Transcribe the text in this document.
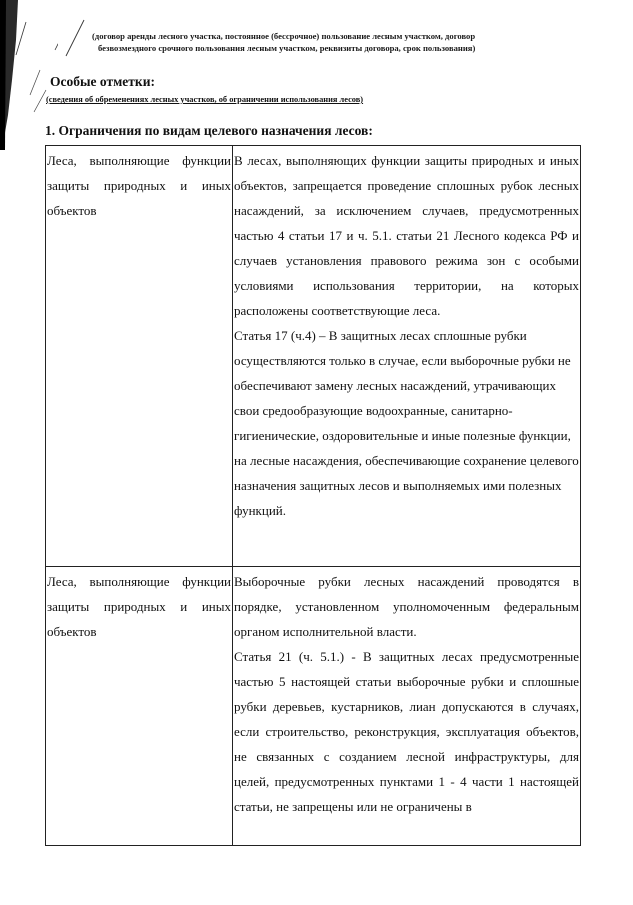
(договор аренды лесного участка, постоянное (бессрочное) пользование лесным участком, договор
безвозмездного срочного пользования лесным участком, реквизиты договора, срок пользования)
Особые отметки:
(сведения об обременениях лесных участков, об ограничении использования лесов)
1. Ограничения по видам целевого назначения лесов:
Леса, выполняющие функции защиты природных и иных объектов	В лесах, выполняющих функции защиты природных и иных объектов, запрещается проведение сплошных рубок лесных насаждений, за исключением случаев, предусмотренных частью 4 статьи 17 и ч. 5.1. статьи 21 Лесного кодекса РФ и случаев установления правового режима зон с особыми условиями использования территории, на которых расположены соответствующие леса.
Статья 17 (ч.4) – В защитных лесах сплошные рубки осуществляются только в случае, если выборочные рубки не обеспечивают замену лесных насаждений, утрачивающих свои средообразующие водоохранные, санитарно-гигиенические, оздоровительные и иные полезные функции, на лесные насаждения, обеспечивающие сохранение целевого назначения защитных лесов и выполняемых ими полезных функций.

Леса, выполняющие функции защиты природных и иных объектов	Выборочные рубки лесных насаждений проводятся в порядке, установленном уполномоченным федеральным органом исполнительной власти.
Статья 21 (ч. 5.1.) - В защитных лесах предусмотренные частью 5 настоящей статьи выборочные рубки и сплошные рубки деревьев, кустарников, лиан допускаются в случаях, если строительство, реконструкция, эксплуатация объектов, не связанных с созданием лесной инфраструктуры, для целей, предусмотренных пунктами 1 - 4 части 1 настоящей статьи, не запрещены или не ограничены в
